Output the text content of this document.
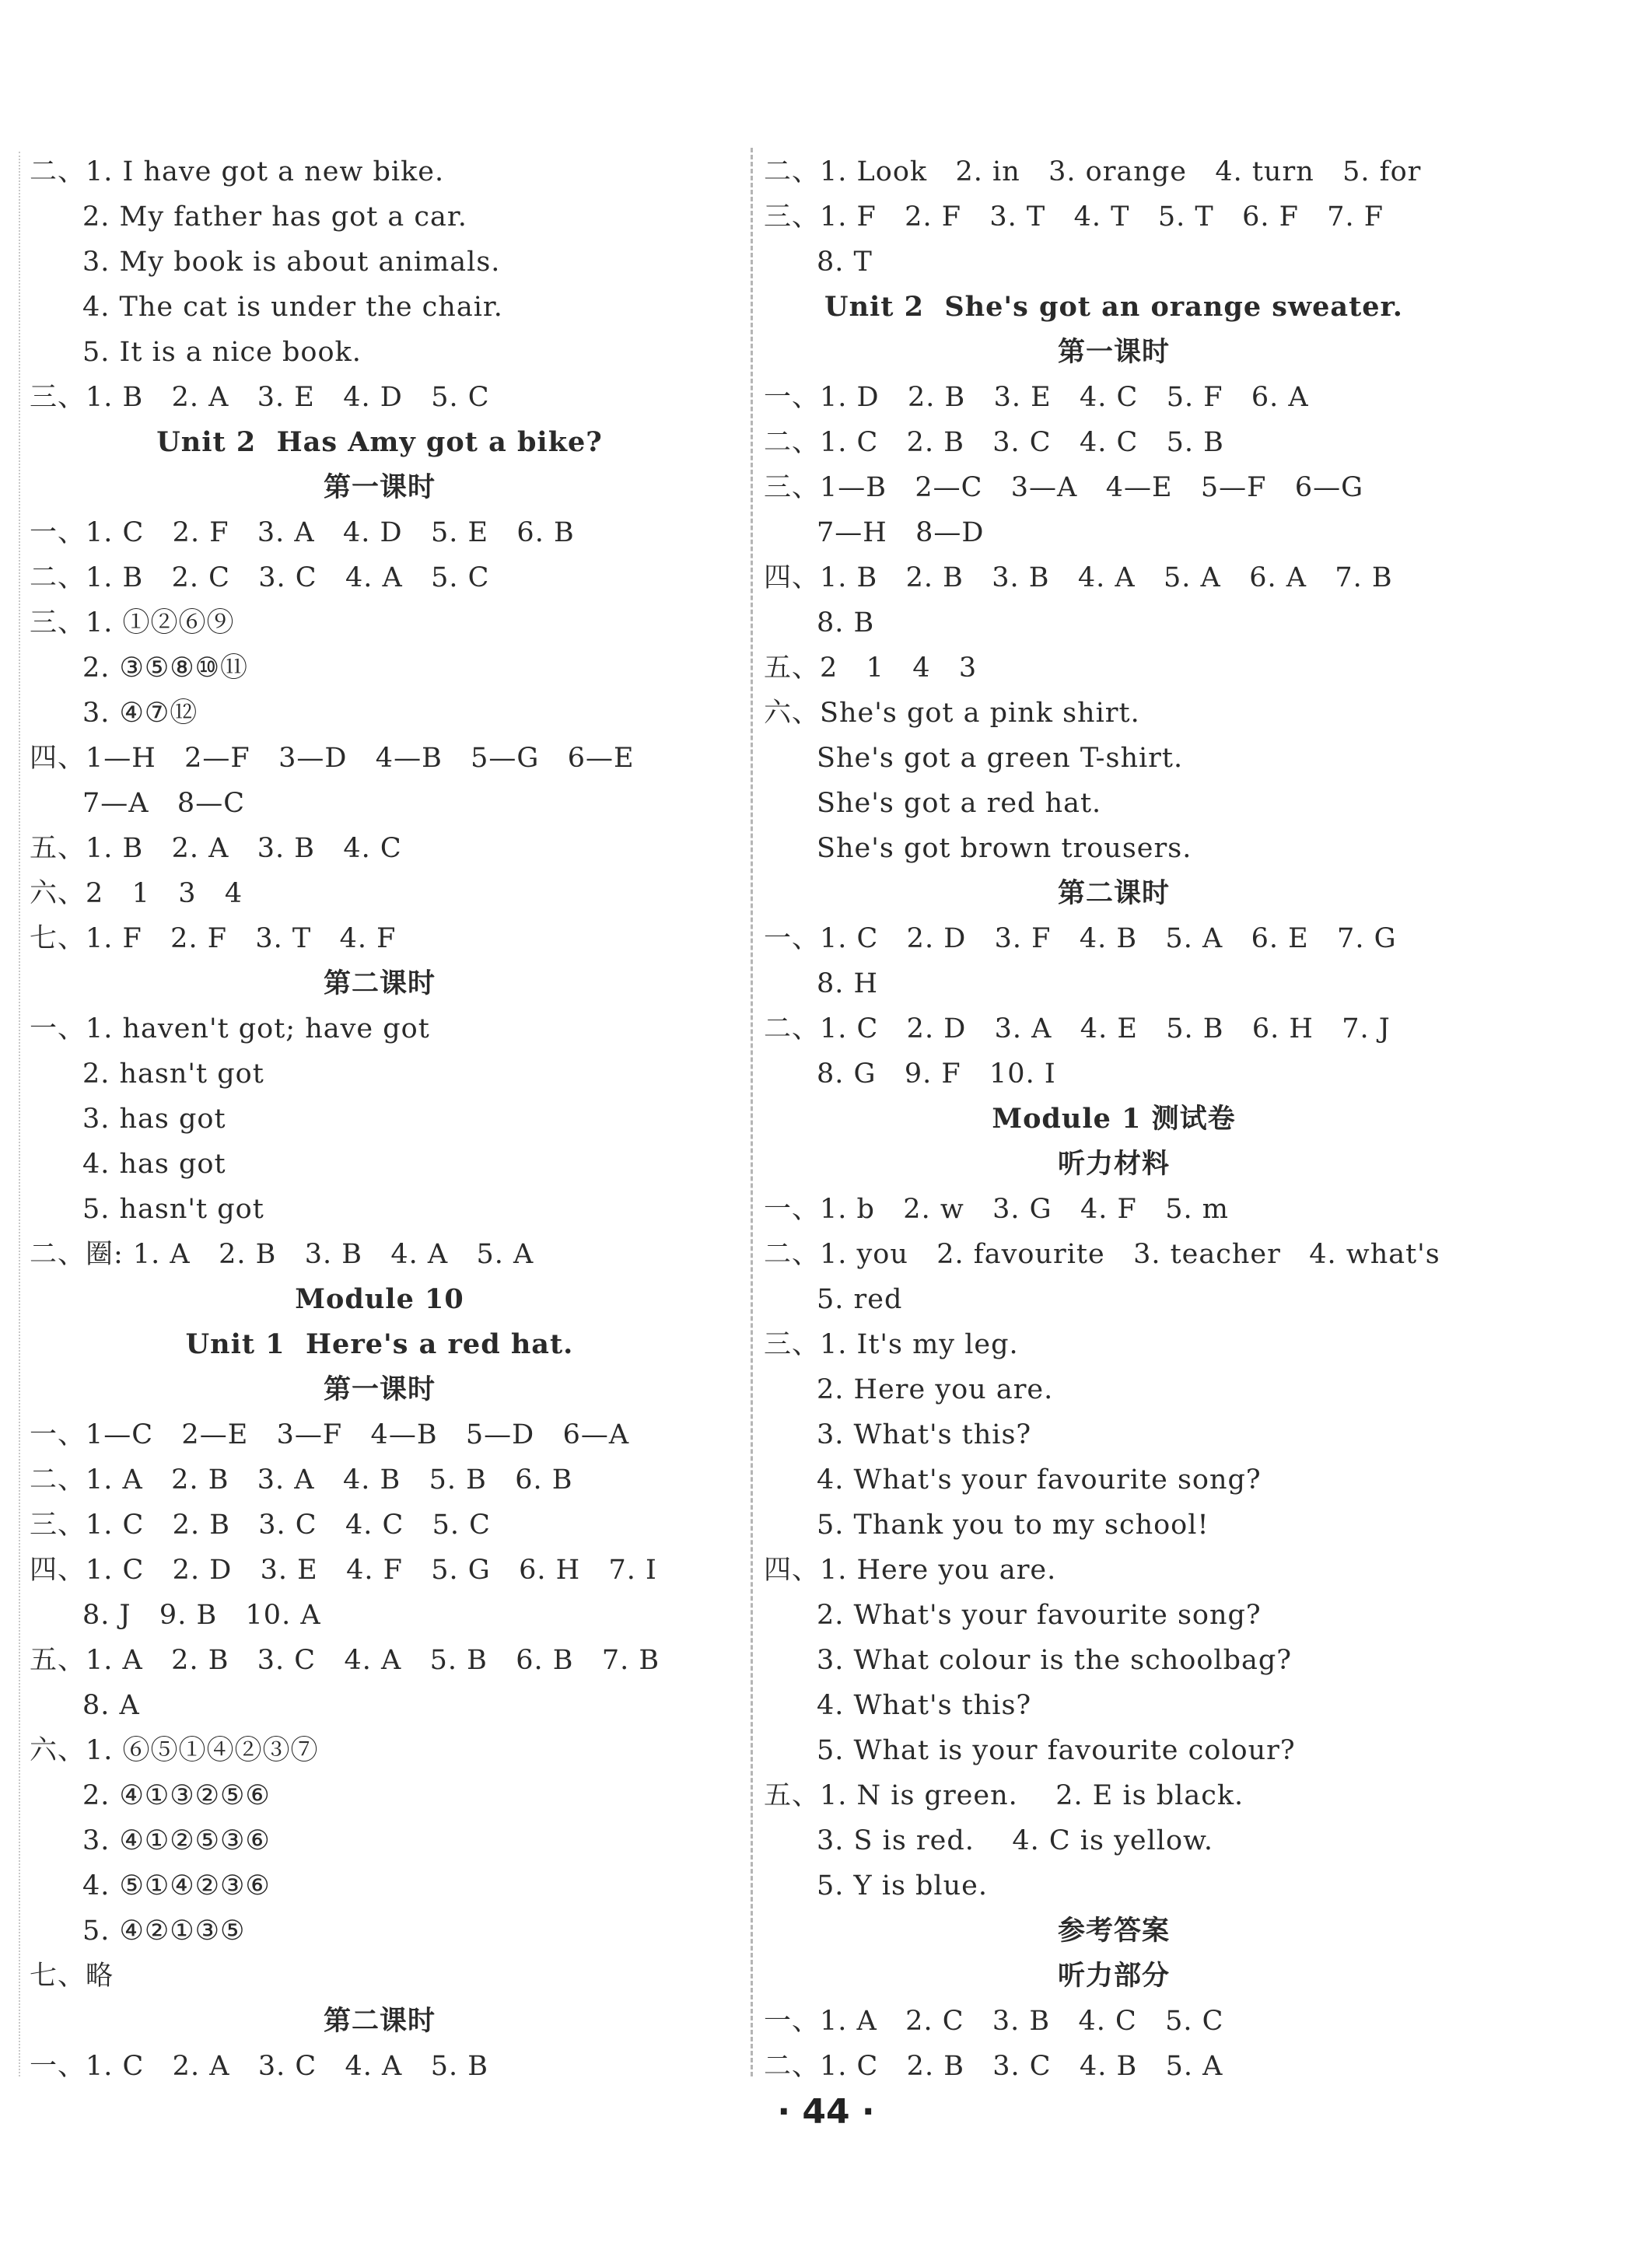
二、1. I have got a new bike.
2. My father has got a car.
3. My book is about animals.
4. The cat is under the chair.
5. It is a nice book.
三、1. B   2. A   3. E   4. D   5. C
Unit 2  Has Amy got a bike?
第一课时
一、1. C   2. F   3. A   4. D   5. E   6. B
二、1. B   2. C   3. C   4. A   5. C
三、1. ①②⑥⑨
2. ③⑤⑧⑩⑪
3. ④⑦⑫
四、1—H   2—F   3—D   4—B   5—G   6—E
7—A   8—C
五、1. B   2. A   3. B   4. C
六、2   1   3   4
七、1. F   2. F   3. T   4. F
第二课时
一、1. haven't got; have got
2. hasn't got
3. has got
4. has got
5. hasn't got
二、圈: 1. A   2. B   3. B   4. A   5. A
Module 10
Unit 1  Here's a red hat.
第一课时
一、1—C   2—E   3—F   4—B   5—D   6—A
二、1. A   2. B   3. A   4. B   5. B   6. B
三、1. C   2. B   3. C   4. C   5. C
四、1. C   2. D   3. E   4. F   5. G   6. H   7. I
8. J   9. B   10. A
五、1. A   2. B   3. C   4. A   5. B   6. B   7. B
8. A
六、1. ⑥⑤①④②③⑦
2. ④①③②⑤⑥
3. ④①②⑤③⑥
4. ⑤①④②③⑥
5. ④②①③⑤
七、略
第二课时
一、1. C   2. A   3. C   4. A   5. B
二、1. Look   2. in   3. orange   4. turn   5. for
三、1. F   2. F   3. T   4. T   5. T   6. F   7. F
8. T
Unit 2  She's got an orange sweater.
第一课时
一、1. D   2. B   3. E   4. C   5. F   6. A
二、1. C   2. B   3. C   4. C   5. B
三、1—B   2—C   3—A   4—E   5—F   6—G
7—H   8—D
四、1. B   2. B   3. B   4. A   5. A   6. A   7. B
8. B
五、2   1   4   3
六、She's got a pink shirt.
She's got a green T-shirt.
She's got a red hat.
She's got brown trousers.
第二课时
一、1. C   2. D   3. F   4. B   5. A   6. E   7. G
8. H
二、1. C   2. D   3. A   4. E   5. B   6. H   7. J
8. G   9. F   10. I
Module 1 测试卷
听力材料
一、1. b   2. w   3. G   4. F   5. m
二、1. you   2. favourite   3. teacher   4. what's
5. red
三、1. It's my leg.
2. Here you are.
3. What's this?
4. What's your favourite song?
5. Thank you to my school!
四、1. Here you are.
2. What's your favourite song?
3. What colour is the schoolbag?
4. What's this?
5. What is your favourite colour?
五、1. N is green.    2. E is black.
3. S is red.    4. C is yellow.
5. Y is blue.
参考答案
听力部分
一、1. A   2. C   3. B   4. C   5. C
二、1. C   2. B   3. C   4. B   5. A
· 44 ·
